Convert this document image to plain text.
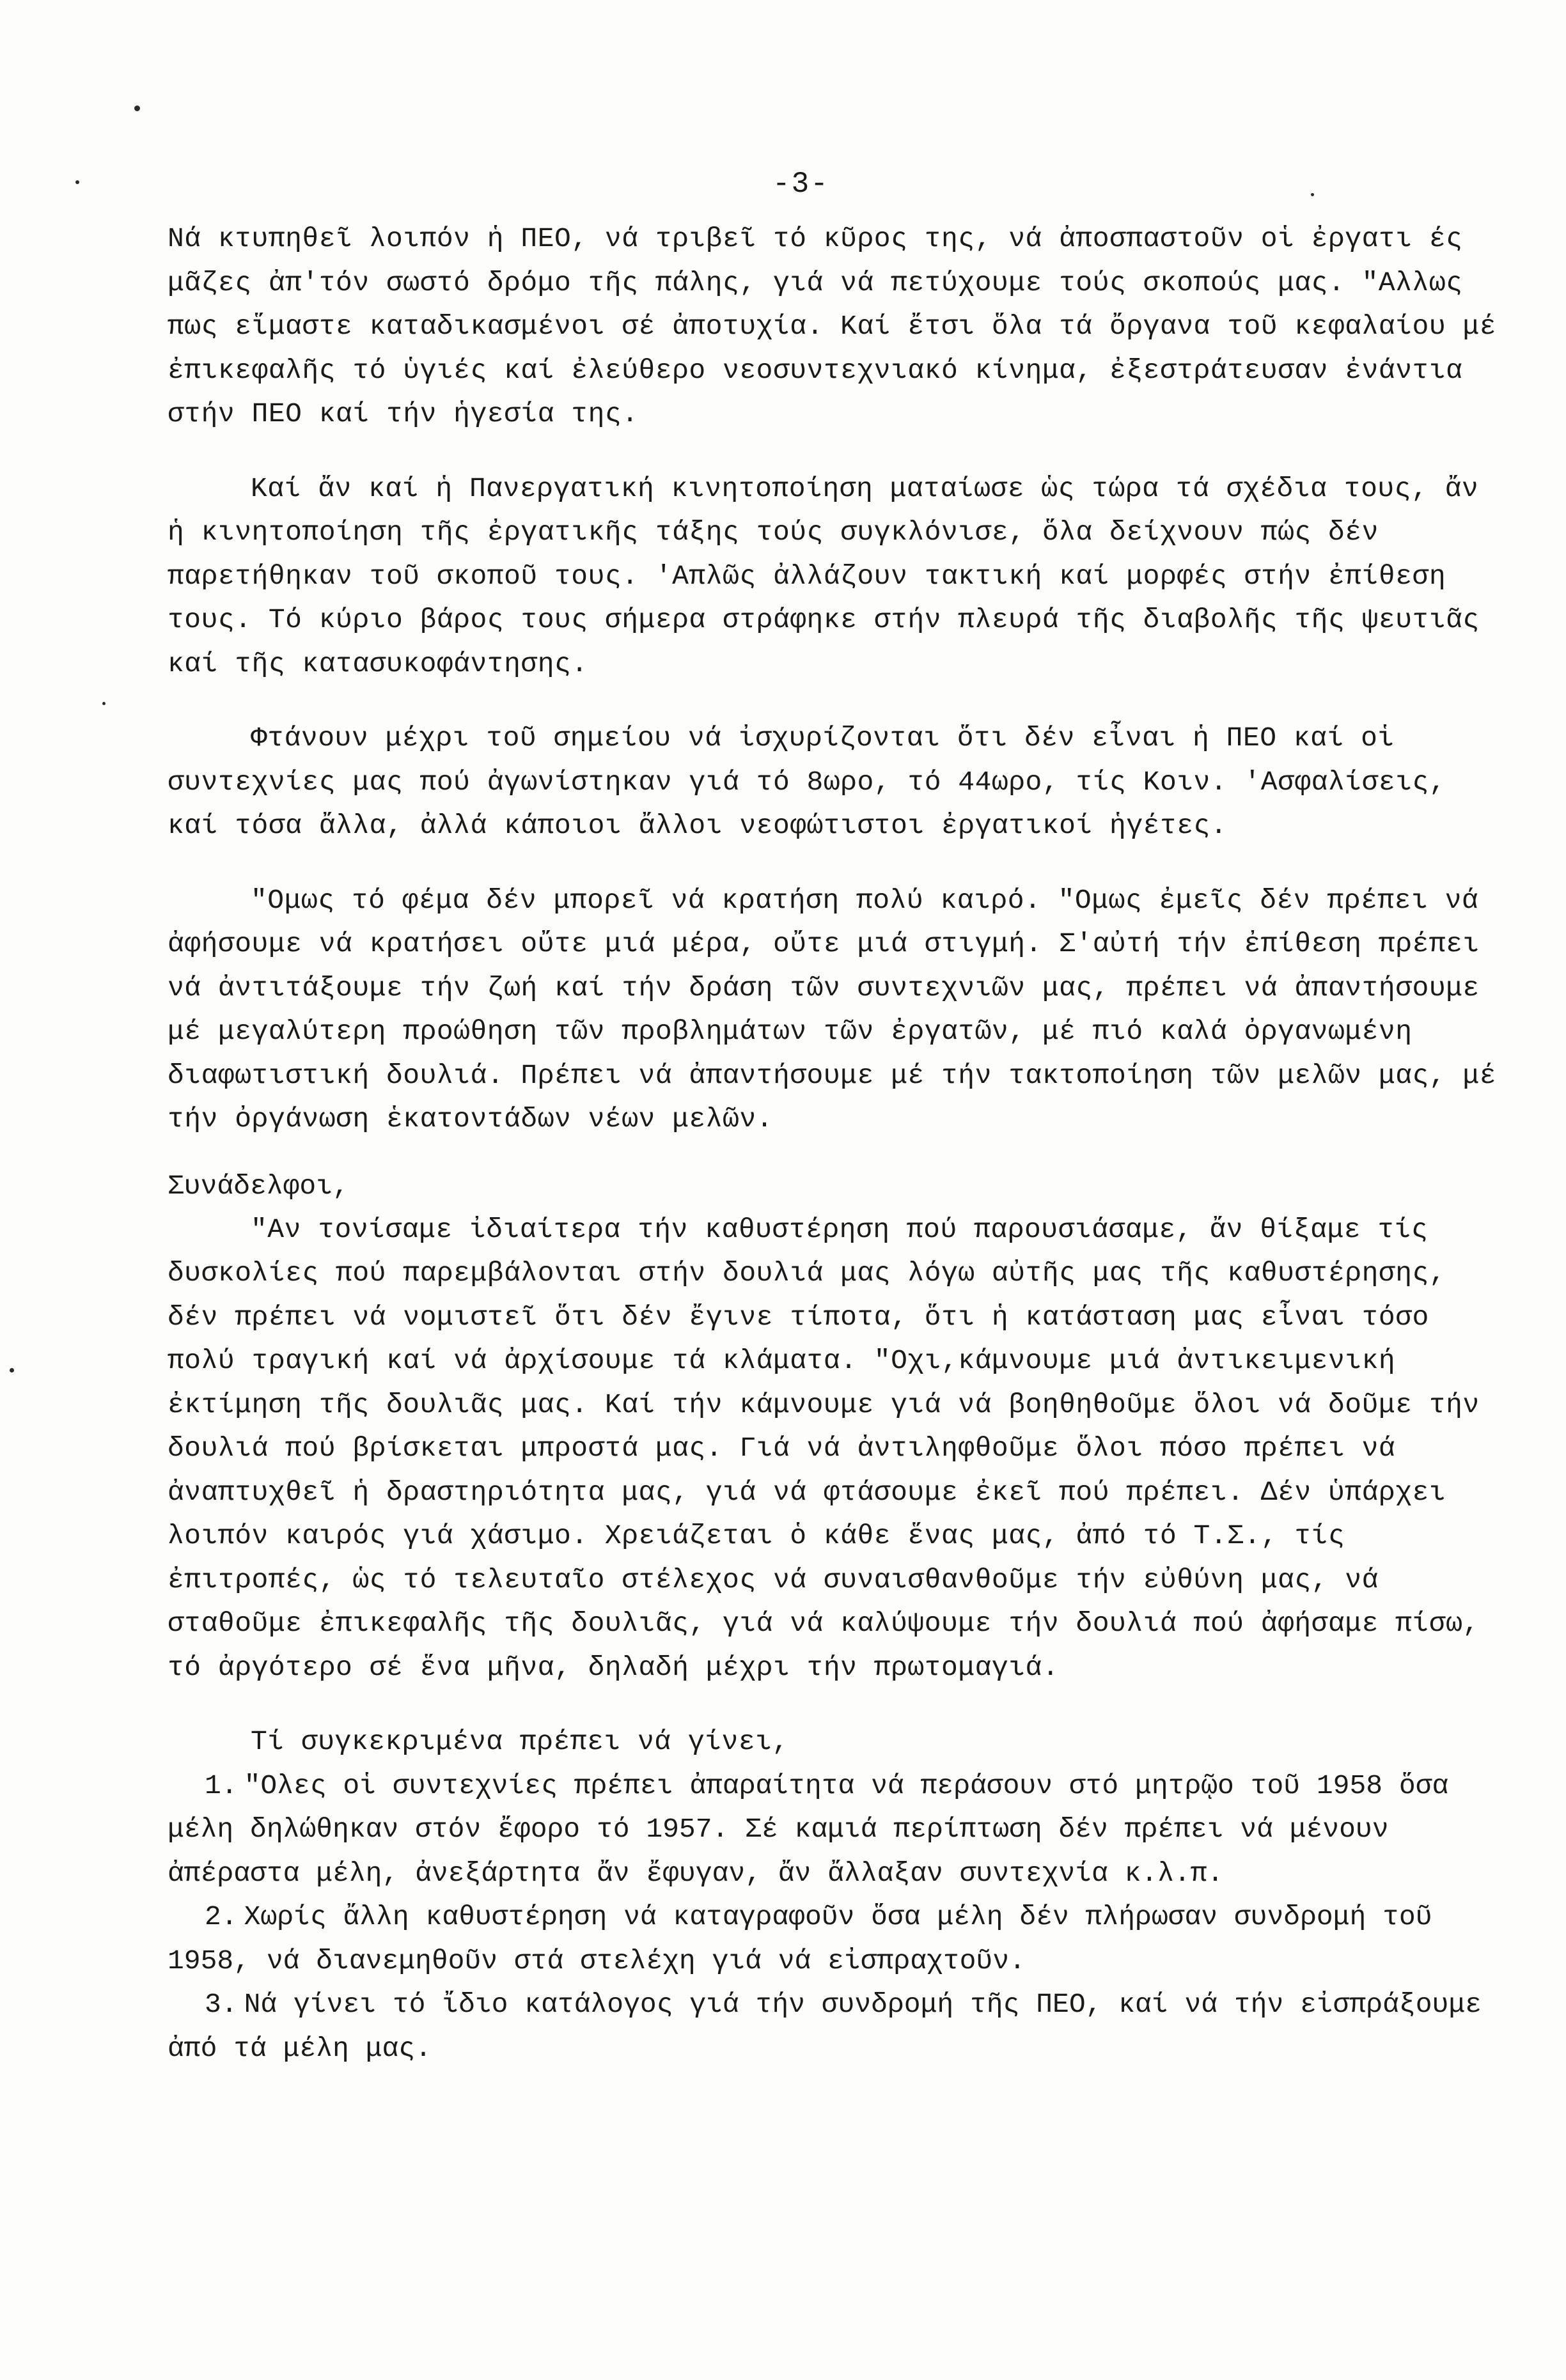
-3-

Νά κτυπηθεῖ λοιπόν ἡ ΠΕΟ, νά τριβεῖ τό κῦρος της, νά ἀποσπαστοῦν οἱ ἐργατι ές μᾶζες ἀπ'τόν σωστό δρόμο τῆς πάλης, γιά νά πετύχουμε τούς σκοπούς μας. "Αλλως πως εἵμαστε καταδικασμένοι σέ ἀποτυχία. Καί ἔτσι ὅλα τά ὄργανα τοῦ κεφαλαίου μέ ἐπικεφαλῆς τό ὑγιές καί ἐλεύθερο νεοσυντεχνιακό κίνημα, ἐξεστράτευσαν ἐνάντια στήν ΠΕΟ καί τήν ἡγεσία της.

Καί ἄν καί ἡ Πανεργατική κινητοποίηση ματαίωσε ὡς τώρα τά σχέδια τους, ἄν ἡ κινητοποίηση τῆς ἐργατικῆς τάξης τούς συγκλόνισε, ὅλα δείχνουν πώς δέν παρετήθηκαν τοῦ σκοποῦ τους. 'Απλῶς ἀλλάζουν τακτική καί μορφές στήν ἐπίθεση τους. Τό κύριο βάρος τους σήμερα στράφηκε στήν πλευρά τῆς διαβολῆς τῆς ψευτιᾶς καί τῆς κατασυκοφάντησης.

Φτάνουν μέχρι τοῦ σημείου νά ἰσχυρίζονται ὅτι δέν εἶναι ἡ ΠΕΟ καί οἱ συντεχνίες μας πού ἀγωνίστηκαν γιά τό 8ωρο, τό 44ωρο, τίς Κοιν. 'Ασφαλίσεις, καί τόσα ἄλλα, ἀλλά κάποιοι ἄλλοι νεοφώτιστοι ἐργατικοί ἡγέτες.

"Ομως τό φέμα δέν μπορεῖ νά κρατήση πολύ καιρό. "Ομως ἐμεῖς δέν πρέπει νά ἀφήσουμε νά κρατήσει οὔτε μιά μέρα, οὔτε μιά στιγμή. Σ'αὐτή τήν ἐπίθεση πρέπει νά ἀντιτάξουμε τήν ζωή καί τήν δράση τῶν συντεχνιῶν μας, πρέπει νά ἀπαντήσουμε μέ μεγαλύτερη προώθηση τῶν προβλημάτων τῶν ἐργατῶν, μέ πιό καλά ὀργανωμένη διαφωτιστική δουλιά. Πρέπει νά ἀπαντήσουμε μέ τήν τακτοποίηση τῶν μελῶν μας, μέ τήν ὀργάνωση ἑκατοντάδων νέων μελῶν.

Συνάδελφοι,

"Αν τονίσαμε ἰδιαίτερα τήν καθυστέρηση πού παρουσιάσαμε, ἄν θίξαμε τίς δυσκολίες πού παρεμβάλονται στήν δουλιά μας λόγω αὐτῆς μας τῆς καθυστέρησης, δέν πρέπει νά νομιστεῖ ὅτι δέν ἔγινε τίποτα, ὅτι ἡ κατάσταση μας εἶναι τόσο πολύ τραγική καί νά ἀρχίσουμε τά κλάματα. "Οχι,κάμνουμε μιά ἀντικειμενική ἐκτίμηση τῆς δουλιᾶς μας. Καί τήν κάμνουμε γιά νά βοηθηθοῦμε ὅλοι νά δοῦμε τήν δουλιά πού βρίσκεται μπροστά μας. Γιά νά ἀντιληφθοῦμε ὅλοι πόσο πρέπει νά ἀναπτυχθεῖ ἡ δραστηριότητα μας, γιά νά φτάσουμε ἐκεῖ πού πρέπει. Δέν ὑπάρχει λοιπόν καιρός γιά χάσιμο. Χρειάζεται ὁ κάθε ἕνας μας, ἀπό τό Τ.Σ., τίς ἐπιτροπές, ὡς τό τελευταῖο στέλεχος νά συναισθανθοῦμε τήν εὐθύνη μας, νά σταθοῦμε ἐπικεφαλῆς τῆς δουλιᾶς, γιά νά καλύψουμε τήν δουλιά πού ἀφήσαμε πίσω, τό ἀργότερο σέ ἕνα μῆνα, δηλαδή μέχρι τήν πρωτομαγιά.

Τί συγκεκριμένα πρέπει νά γίνει,

1. "Ολες οἱ συντεχνίες πρέπει ἀπαραίτητα νά περάσουν στό μητρῷο τοῦ 1958 ὅσα μέλη δηλώθηκαν στόν ἔφορο τό 1957. Σέ καμιά περίπτωση δέν πρέπει νά μένουν ἀπέραστα μέλη, ἀνεξάρτητα ἄν ἔφυγαν, ἄν ἄλλαξαν συντεχνία κ.λ.π.

2. Χωρίς ἄλλη καθυστέρηση νά καταγραφοῦν ὅσα μέλη δέν πλήρωσαν συνδρομή τοῦ 1958, νά διανεμηθοῦν στά στελέχη γιά νά εἰσπραχτοῦν.

3. Νά γίνει τό ἴδιο κατάλογος γιά τήν συνδρομή τῆς ΠΕΟ, καί νά τήν εἰσπράξουμε ἀπό τά μέλη μας.
